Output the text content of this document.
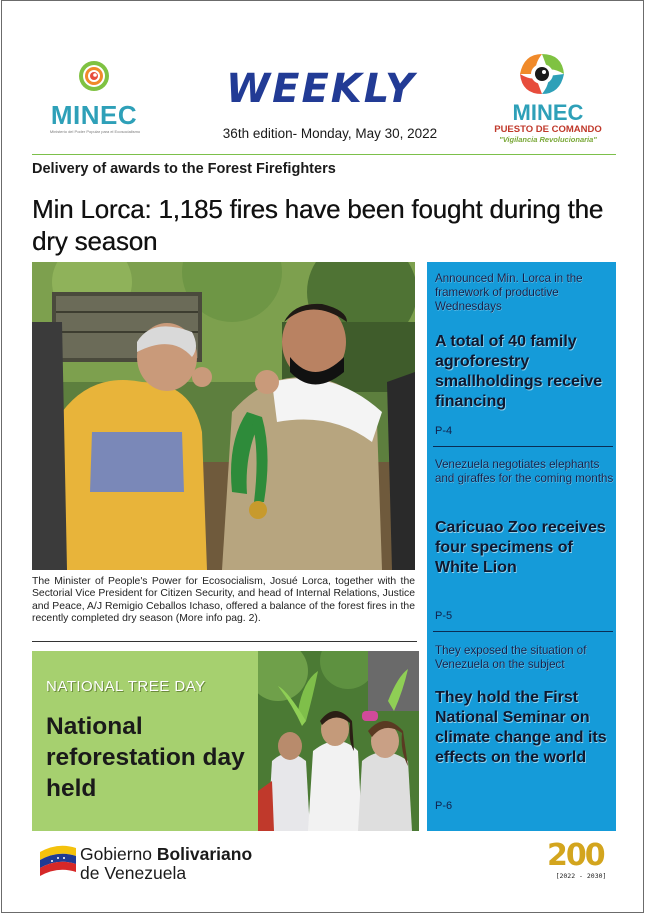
MINEC
Ministerio del Poder Popular para el Ecosocialismo
WEEKLY
36th edition- Monday, May 30, 2022
MINEC
PUESTO DE COMANDO
"Vigilancia Revolucionaria"
Delivery of awards to the Forest Firefighters
Min Lorca: 1,185 fires have been fought during the dry season
The Minister of People's Power for Ecosocialism, Josué Lorca, together with the Sectorial Vice President for Citizen Security, and head of Internal Relations, Justice and Peace, A/J Remigio Ceballos Ichaso, offered a balance of the forest fires in the recently completed dry season (More info pag. 2).
Announced Min. Lorca in the framework of productive Wednesdays
A total of 40 family agroforestry smallholdings receive financing
P-4
Venezuela negotiates elephants and giraffes for the coming months
Caricuao Zoo receives four specimens of White Lion
P-5
They exposed the situation of Venezuela on the subject
They hold the First National Seminar on climate change and its effects on the world
P-6
NATIONAL TREE DAY
National reforestation day held
Gobierno Bolivariano
de Venezuela	200
[2022 - 2030]
